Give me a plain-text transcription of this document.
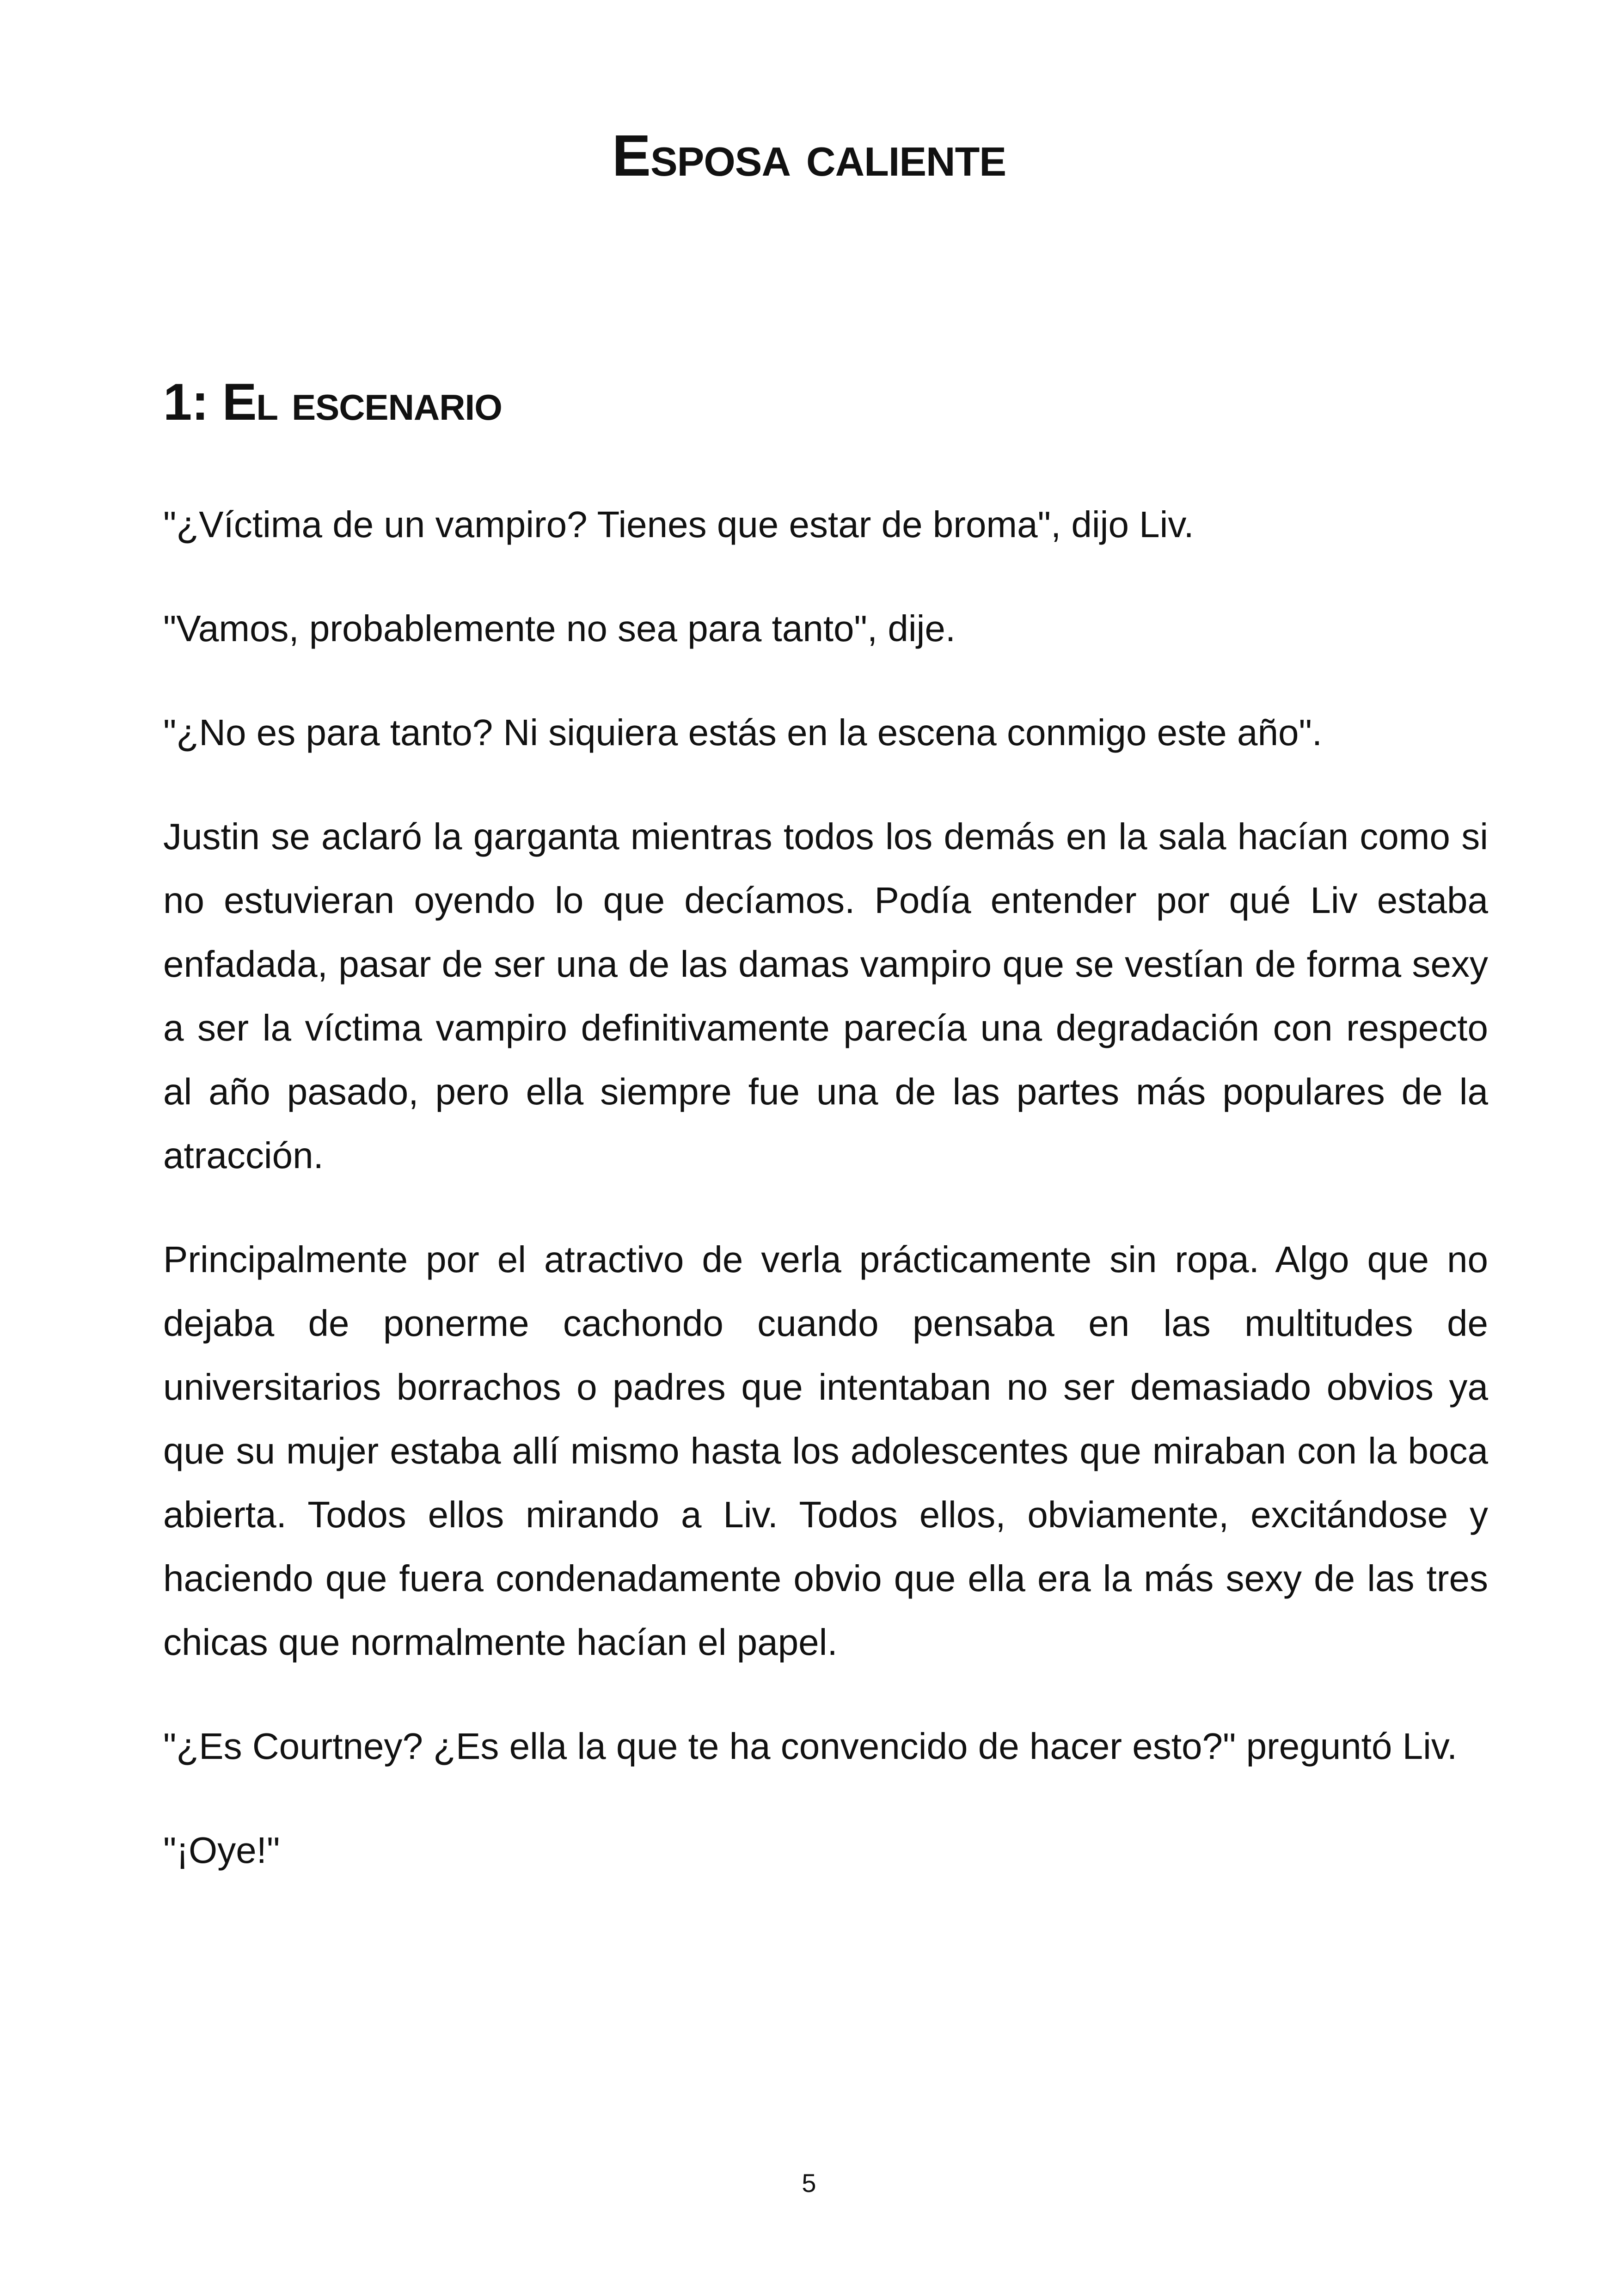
Esposa caliente
1: El escenario

"¿Víctima de un vampiro? Tienes que estar de broma", dijo Liv.

"Vamos, probablemente no sea para tanto", dije.

"¿No es para tanto? Ni siquiera estás en la escena conmigo este año".

Justin se aclaró la garganta mientras todos los demás en la sala hacían como si no estuvieran oyendo lo que decíamos. Podía entender por qué Liv estaba enfadada, pasar de ser una de las damas vampiro que se vestían de forma sexy a ser la víctima vampiro definitivamente parecía una degradación con respecto al año pasado, pero ella siempre fue una de las partes más populares de la atracción.

Principalmente por el atractivo de verla prácticamente sin ropa. Algo que no dejaba de ponerme cachondo cuando pensaba en las multitudes de universitarios borrachos o padres que intentaban no ser demasiado obvios ya que su mujer estaba allí mismo hasta los adolescentes que miraban con la boca abierta. Todos ellos mirando a Liv. Todos ellos, obviamente, excitándose y haciendo que fuera condenadamente obvio que ella era la más sexy de las tres chicas que normalmente hacían el papel.

"¿Es Courtney? ¿Es ella la que te ha convencido de hacer esto?" preguntó Liv.

"¡Oye!"

5
